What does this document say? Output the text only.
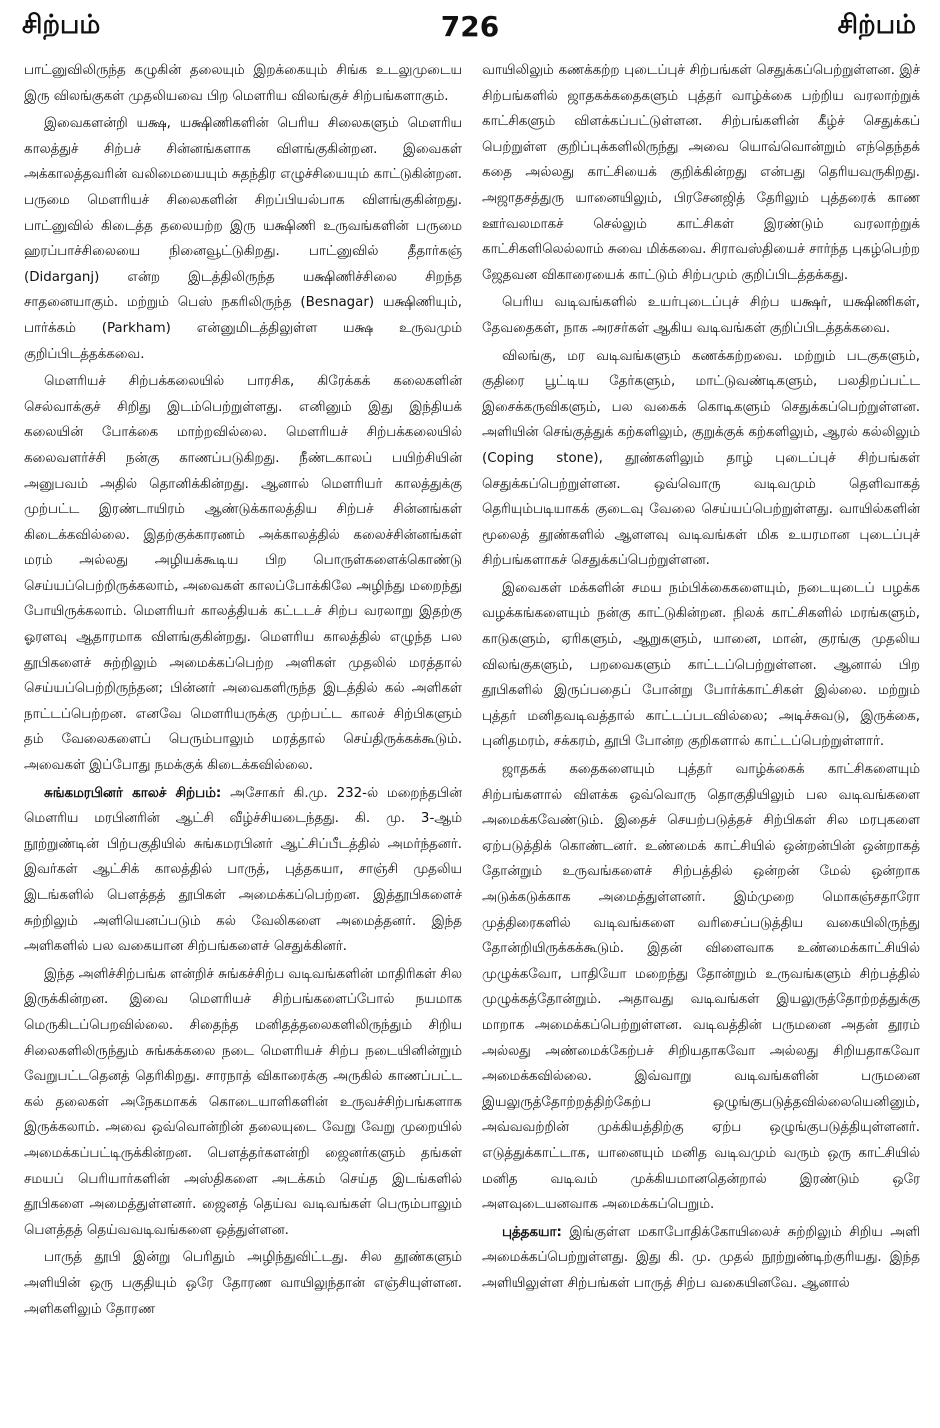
சிற்பம்	726	சிற்பம்

பாட்னுவிலிருந்த கழுகின் தலையும் இறக்கையும் சிங்க உடலுமுடைய இரு விலங்குகள் முதலியவை பிற மௌரிய விலங்குச் சிற்பங்களாகும்.

இவைகளன்றி யக்ஷ, யக்ஷிணிகளின் பெரிய சிலைகளும் மௌரிய காலத்துச் சிற்பச் சின்னங்களாக விளங்குகின்றன. இவைகள் அக்காலத்தவரின் வலிமையையும் சுதந்திர எழுச்சியையும் காட்டுகின்றன. பருமை மௌரியச் சிலைகளின் சிறப்பியல்பாக விளங்குகின்றது. பாட்னுவில் கிடைத்த தலையற்ற இரு யக்ஷிணி உருவங்களின் பருமை ஹரப்பாச்சிலையை நினைவூட்டுகிறது. பாட்னுவில் தீதார்கஞ் (Didarganj) என்ற இடத்திலிருந்த யக்ஷிணிச்சிலை சிறந்த சாதனையாகும். மற்றும் பெஸ் நகரிலிருந்த (Besnagar) யக்ஷிணியும், பார்க்கம் (Parkham) என்னுமிடத்திலுள்ள யக்ஷ உருவமும் குறிப்பிடத்தக்கவை.

மௌரியச் சிற்பக்கலையில் பாரசிக, கிரேக்கக் கலைகளின் செல்வாக்குச் சிறிது இடம்பெற்றுள்ளது. எனினும் இது இந்தியக் கலையின் போக்கை மாற்றவில்லை. மௌரியச் சிற்பக்கலையில் கலைவளர்ச்சி நன்கு காணப்படுகிறது. நீண்டகாலப் பயிற்சியின் அனுபவம் அதில் தொனிக்கின்றது. ஆனால் மௌரியர் காலத்துக்கு முற்பட்ட இரண்டாயிரம் ஆண்டுக்காலத்திய சிற்பச் சின்னங்கள் கிடைக்கவில்லை. இதற்குக்காரணம் அக்காலத்தில் கலைச்சின்னங்கள் மரம் அல்லது அழியக்கூடிய பிற பொருள்களைக்கொண்டு செய்யப்பெற்றிருக்கலாம், அவைகள் காலப்போக்கிலே அழிந்து மறைந்து போயிருக்கலாம். மௌரியர் காலத்தியக் கட்டடச் சிற்ப வரலாறு இதற்கு ஓரளவு ஆதாரமாக விளங்குகின்றது. மௌரிய காலத்தில் எழுந்த பல தூபிகளைச் சுற்றிலும் அமைக்கப்பெற்ற அளிகள் முதலில் மரத்தால் செய்யப்பெற்றிருந்தன; பின்னர் அவைகளிருந்த இடத்தில் கல் அளிகள் நாட்டப்பெற்றன. எனவே மௌரியருக்கு முற்பட்ட காலச் சிற்பிகளும் தம் வேலைகளைப் பெரும்பாலும் மரத்தால் செய்திருக்கக்கூடும். அவைகள் இப்போது நமக்குக் கிடைக்கவில்லை.

சுங்கமரபினர் காலச் சிற்பம்: அசோகர் கி.மு. 232-ல் மறைந்தபின் மௌரிய மரபினரின் ஆட்சி வீழ்ச்சியடைந்தது. கி. மு. 3-ஆம் நூற்றுண்டின் பிற்பகுதியில் சுங்கமரபினர் ஆட்சிப்பீடத்தில் அமர்ந்தனர். இவர்கள் ஆட்சிக் காலத்தில் பாருத், புத்தகயா, சாஞ்சி முதலிய இடங்களில் பௌத்தத் தூபிகள் அமைக்கப்பெற்றன. இத்தூபிகளைச் சுற்றிலும் அளியெனப்படும் கல் வேலிகளை அமைத்தனர். இந்த அளிகளில் பல வகையான சிற்பங்களைச் செதுக்கினர்.

இந்த அளிச்சிற்பங்க ளன்றிச் சுங்கச்சிற்ப வடிவங்களின் மாதிரிகள் சில இருக்கின்றன. இவை மௌரியச் சிற்பங்களைப்போல் நயமாக மெருகிடப்பெறவில்லை. சிதைந்த மனிதத்தலைகளிலிருந்தும் சிறிய சிலைகளிலிருந்தும் சுங்கக்கலை நடை மௌரியச் சிற்ப நடையினின்றும் வேறுபட்டதெனத் தெரிகிறது. சாரநாத் விகாரைக்கு அருகில் காணப்பட்ட கல் தலைகள் அநேகமாகக் கொடையாளிகளின் உருவச்சிற்பங்களாக இருக்கலாம். அவை ஒவ்வொன்றின் தலையுடை வேறு வேறு முறையில் அமைக்கப்பட்டிருக்கின்றன. பௌத்தர்களன்றி ஜைனர்களும் தங்கள் சமயப் பெரியார்களின் அஸ்திகளை அடக்கம் செய்த இடங்களில் தூபிகளை அமைத்துள்ளனர். ஜைனத் தெய்வ வடிவங்கள் பெரும்பாலும் பௌத்தத் தெய்வவடிவங்களை ஒத்துள்ளன.

பாருத் தூபி இன்று பெரிதும் அழிந்துவிட்டது. சில தூண்களும் அளியின் ஒரு பகுதியும் ஒரே தோரண வாயிலுந்தான் எஞ்சியுள்ளன. அளிகளிலும் தோரண

வாயிலிலும் கணக்கற்ற புடைப்புச் சிற்பங்கள் செதுக்கப்பெற்றுள்ளன. இச் சிற்பங்களில் ஜாதகக்கதைகளும் புத்தர் வாழ்க்கை பற்றிய வரலாற்றுக் காட்சிகளும் விளக்கப்பட்டுள்ளன. சிற்பங்களின் கீழ்ச் செதுக்கப் பெற்றுள்ள குறிப்புக்களிலிருந்து அவை யொவ்வொன்றும் எந்தெந்தக் கதை அல்லது காட்சியைக் குறிக்கின்றது என்பது தெரியவருகிறது. அஜாதசத்துரு யானையிலும், பிரசேனஜித் தேரிலும் புத்தரைக் காண ஊர்வலமாகச் செல்லும் காட்சிகள் இரண்டும் வரலாற்றுக் காட்சிகளிலெல்லாம் சுவை மிக்கவை. சிராவஸ்தியைச் சார்ந்த புகழ்பெற்ற ஜேதவன விகாரையைக் காட்டும் சிற்பமும் குறிப்பிடத்தக்கது.

பெரிய வடிவங்களில் உயர்புடைப்புச் சிற்ப யக்ஷர், யக்ஷிணிகள், தேவதைகள், நாக அரசர்கள் ஆகிய வடிவங்கள் குறிப்பிடத்தக்கவை.

விலங்கு, மர வடிவங்களும் கணக்கற்றவை. மற்றும் படகுகளும், குதிரை பூட்டிய தேர்களும், மாட்டுவண்டிகளும், பலதிறப்பட்ட இசைக்கருவிகளும், பல வகைக் கொடிகளும் செதுக்கப்பெற்றுள்ளன. அளியின் செங்குத்துக் கற்களிலும், குறுக்குக் கற்களிலும், ஆரல் கல்லிலும் (Coping stone), தூண்களிலும் தாழ் புடைப்புச் சிற்பங்கள் செதுக்கப்பெற்றுள்ளன. ஒவ்வொரு வடிவமும் தெளிவாகத் தெரியும்படியாகக் குடைவு வேலை செய்யப்பெற்றுள்ளது. வாயில்களின் மூலைத் தூண்களில் ஆளளவு வடிவங்கள் மிக உயரமான புடைப்புச் சிற்பங்களாகச் செதுக்கப்பெற்றுள்ளன.

இவைகள் மக்களின் சமய நம்பிக்கைகளையும், நடையுடைப் பழக்க வழக்கங்களையும் நன்கு காட்டுகின்றன. நிலக் காட்சிகளில் மரங்களும், காடுகளும், ஏரிகளும், ஆறுகளும், யானை, மான், குரங்கு முதலிய விலங்குகளும், பறவைகளும் காட்டப்பெற்றுள்ளன. ஆனால் பிற தூபிகளில் இருப்பதைப் போன்று போர்க்காட்சிகள் இல்லை. மற்றும் புத்தர் மனிதவடிவத்தால் காட்டப்படவில்லை; அடிச்சுவடு, இருக்கை, புனிதமரம், சக்கரம், தூபி போன்ற குறிகளால் காட்டப்பெற்றுள்ளார்.

ஜாதகக் கதைகளையும் புத்தர் வாழ்க்கைக் காட்சிகளையும் சிற்பங்களால் விளக்க ஒவ்வொரு தொகுதியிலும் பல வடிவங்களை அமைக்கவேண்டும். இதைச் செயற்படுத்தச் சிற்பிகள் சில மரபுகளை ஏற்படுத்திக் கொண்டனர். உண்மைக் காட்சியில் ஒன்றன்பின் ஒன்றாகத் தோன்றும் உருவங்களைச் சிற்பத்தில் ஒன்றன் மேல் ஒன்றாக அடுக்கடுக்காக அமைத்துள்ளனர். இம்முறை மொகஞ்சதாரோ முத்திரைகளில் வடிவங்களை வரிசைப்படுத்திய வகையிலிருந்து தோன்றியிருக்கக்கூடும். இதன் விளைவாக உண்மைக்காட்சியில் முழுக்கவோ, பாதியோ மறைந்து தோன்றும் உருவங்களும் சிற்பத்தில் முழுக்கத்தோன்றும். அதாவது வடிவங்கள் இயலுருத்தோற்றத்துக்கு மாறாக அமைக்கப்பெற்றுள்ளன. வடிவத்தின் பருமனை அதன் தூரம் அல்லது அண்மைக்கேற்பச் சிறியதாகவோ அல்லது சிறியதாகவோ அமைக்கவில்லை. இவ்வாறு வடிவங்களின் பருமனை இயலுருத்தோற்றத்திற்கேற்ப ஒழுங்குபடுத்தவில்லையெனினும், அவ்வவற்றின் முக்கியத்திற்கு ஏற்ப ஒழுங்குபடுத்தியுள்ளனர். எடுத்துக்காட்டாக, யானையும் மனித வடிவமும் வரும் ஒரு காட்சியில் மனித வடிவம் முக்கியமானதென்றால் இரண்டும் ஒரே அளவுடையனவாக அமைக்கப்பெறும்.

புத்தகயா: இங்குள்ள மகாபோதிக்கோயிலைச் சுற்றிலும் சிறிய அளி அமைக்கப்பெற்றுள்ளது. இது கி. மு. முதல் நூற்றுண்டிற்குரியது. இந்த அளியிலுள்ள சிற்பங்கள் பாருத் சிற்ப வகையினவே. ஆனால்
